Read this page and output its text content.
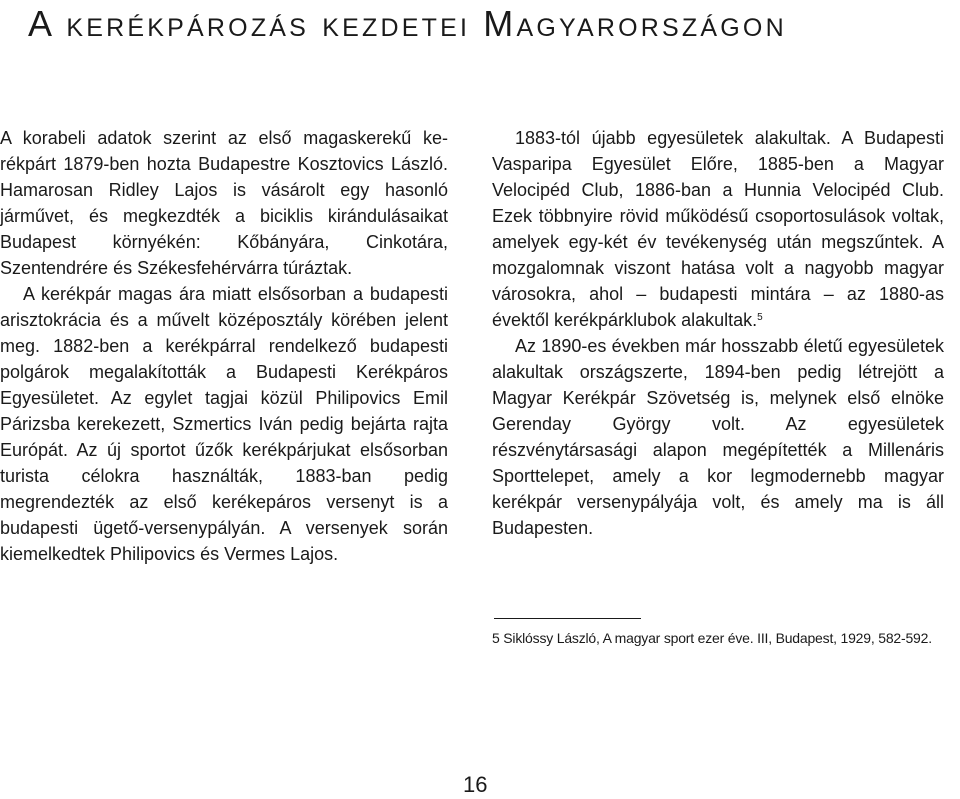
A kerékpározás kezdetei Magyarországon

A korabeli adatok szerint az első magaskerekű kerékpárt 1879-ben hozta Budapestre Kosztovics László. Hamarosan Ridley Lajos is vásárolt egy hasonló járművet, és megkezdték a biciklis kirándulásaikat Budapest környékén: Kőbányára, Cinkotára, Szentendrére és Székesfehérvárra túráztak.

A kerékpár magas ára miatt elsősorban a budapesti arisztokrácia és a művelt középosztály körében jelent meg. 1882-ben a kerékpárral rendelkező budapesti polgárok megalakították a Budapesti Kerékpáros Egyesületet. Az egylet tagjai közül Philipovics Emil Párizsba kerekezett, Szmertics Iván pedig bejárta rajta Európát. Az új sportot űzők kerékpárjukat elsősorban turista célokra használták, 1883-ban pedig megrendezték az első kerékepáros versenyt is a budapesti ügető-versenypályán. A versenyek során kiemelkedtek Philipovics és Vermes Lajos.

1883-tól újabb egyesületek alakultak. A Budapesti Vasparipa Egyesület Előre, 1885-ben a Magyar Velocipéd Club, 1886-ban a Hunnia Velocipéd Club. Ezek többnyire rövid működésű csoportosulások voltak, amelyek egy-két év tevékenység után megszűntek. A mozgalomnak viszont hatása volt a nagyobb magyar városokra, ahol – budapesti mintára – az 1880-as évektől kerékpárklubok alakultak.$^5$

Az 1890-es években már hosszabb életű egyesületek alakultak országszerte, 1894-ben pedig létrejött a Magyar Kerékpár Szövetség is, melynek első elnöke Gerenday György volt. Az egyesületek részvénytársasági alapon megépítették a Millenáris Sporttelepet, amely a kor legmodernebb magyar kerékpár versenypályája volt, és amely ma is áll Budapesten.

5 Siklóssy László, A magyar sport ezer éve. III, Budapest, 1929, 582-592.
16
